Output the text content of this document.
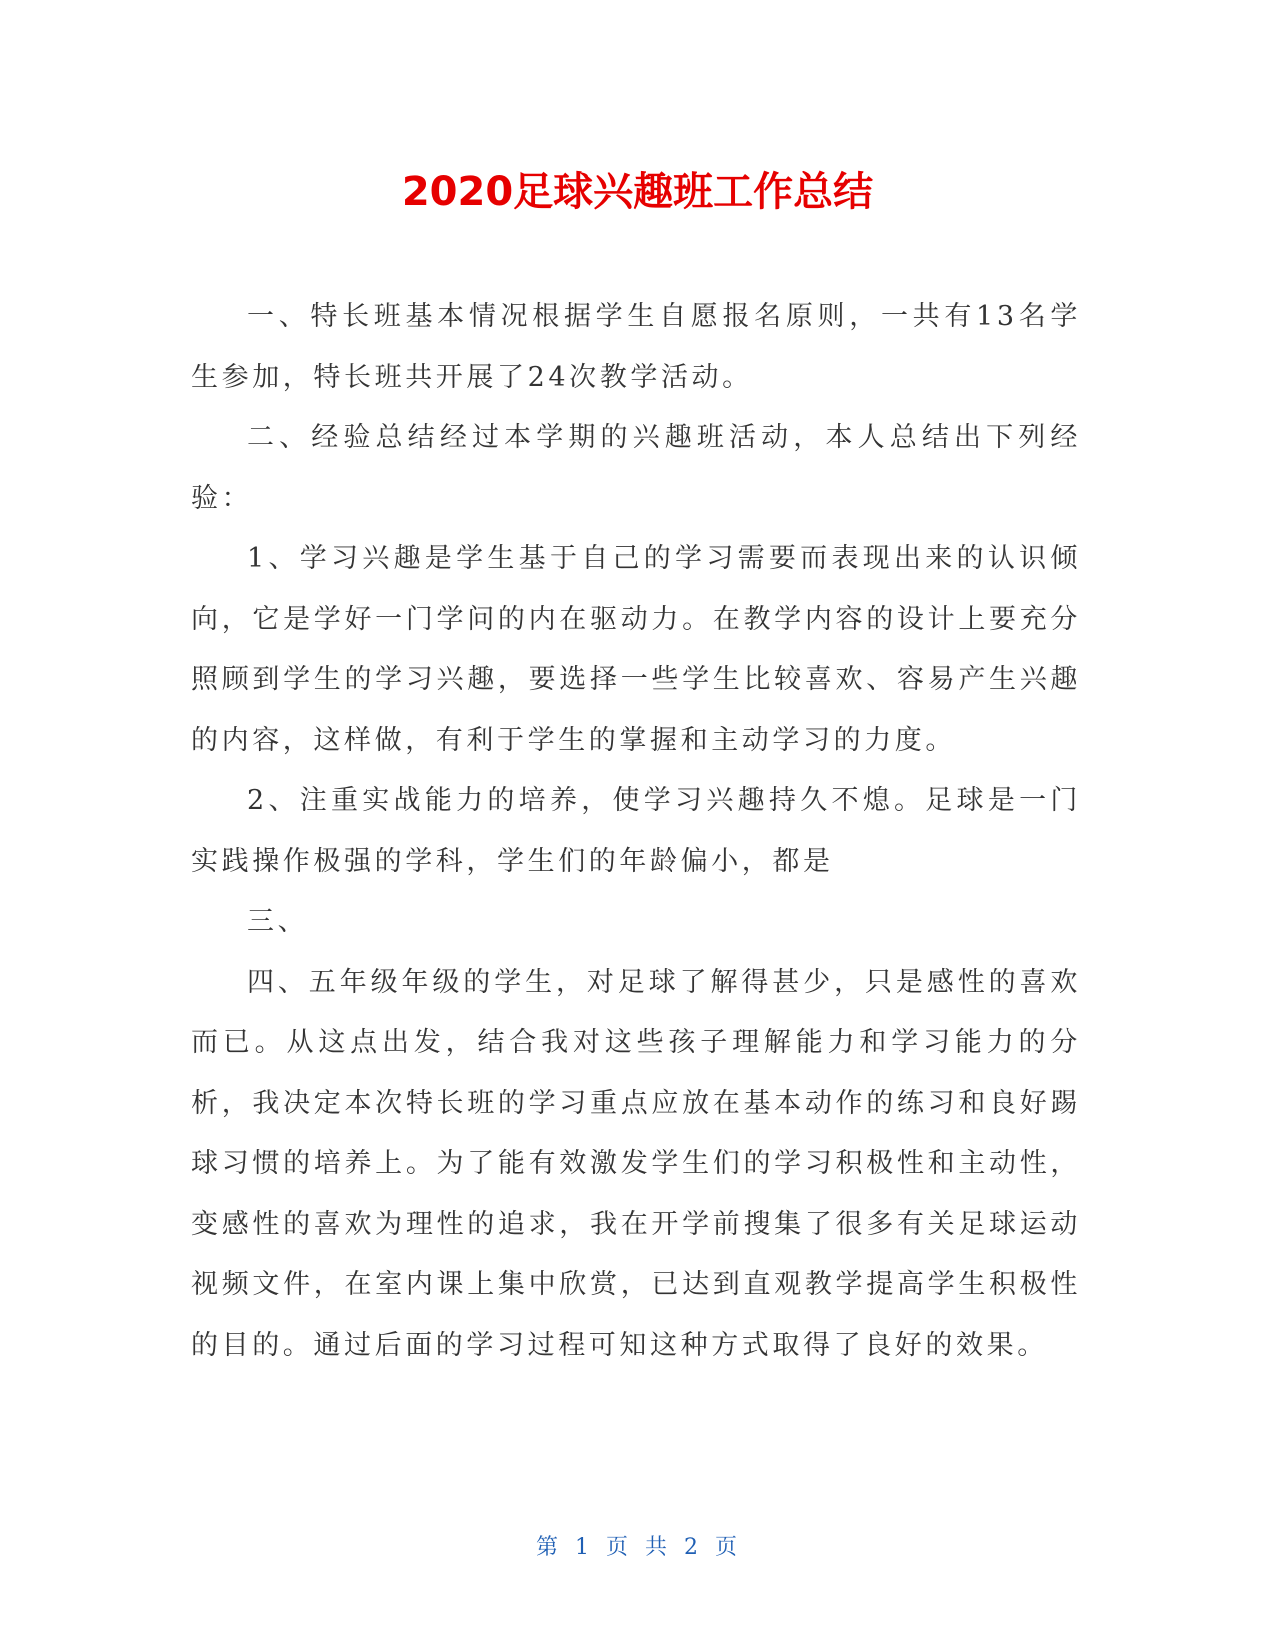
2020足球兴趣班工作总结

一、特长班基本情况根据学生自愿报名原则，一共有13名学生参加，特长班共开展了24次教学活动。

二、经验总结经过本学期的兴趣班活动，本人总结出下列经验：

1、学习兴趣是学生基于自己的学习需要而表现出来的认识倾向，它是学好一门学问的内在驱动力。在教学内容的设计上要充分照顾到学生的学习兴趣，要选择一些学生比较喜欢、容易产生兴趣的内容，这样做，有利于学生的掌握和主动学习的力度。

2、注重实战能力的培养，使学习兴趣持久不熄。足球是一门实践操作极强的学科，学生们的年龄偏小，都是

三、

四、五年级年级的学生，对足球了解得甚少，只是感性的喜欢而已。从这点出发，结合我对这些孩子理解能力和学习能力的分析，我决定本次特长班的学习重点应放在基本动作的练习和良好踢球习惯的培养上。为了能有效激发学生们的学习积极性和主动性，变感性的喜欢为理性的追求，我在开学前搜集了很多有关足球运动视频文件，在室内课上集中欣赏，已达到直观教学提高学生积极性的目的。通过后面的学习过程可知这种方式取得了良好的效果。

第 1 页 共 2 页
